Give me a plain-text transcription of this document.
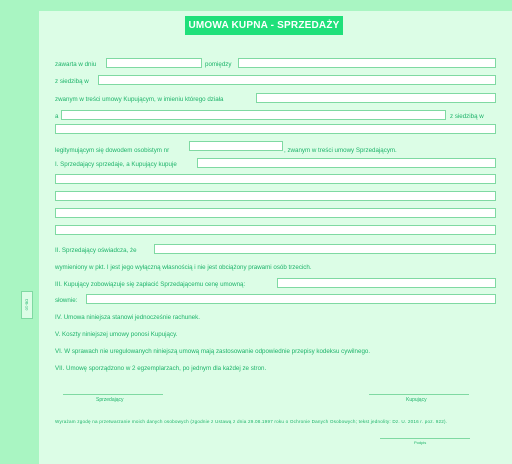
DB-10
UMOWA KUPNA - SPRZEDAŻY
zawarta w dniu	pomiędzy
z siedzibą w
zwanym w treści umowy Kupującym, w imieniu którego działa
a	z siedzibą w
legitymującym się dowodem osobistym nr	, zwanym w treści umowy Sprzedającym.
I. Sprzedający sprzedaje, a Kupujący kupuje
II. Sprzedający oświadcza, że
wymieniony w pkt. I jest jego wyłączną własnością i nie jest obciążony prawami osób trzecich.
III. Kupujący zobowiązuje się zapłacić Sprzedającemu cenę umowną:
słownie:
IV. Umowa niniejsza stanowi jednocześnie rachunek.
V. Koszty niniejszej umowy ponosi Kupujący.
VI. W sprawach nie uregulowanych niniejszą umową mają zastosowanie odpowiednie przepisy kodeksu cywilnego.
VII. Umowę sporządzono w 2 egzemplarzach, po jednym dla każdej ze stron.
Sprzedający	Kupujący
Wyrażam zgodę na przetwarzanie moich danych osobowych (zgodnie z Ustawą z dnia 29.08.1997 roku o Ochronie Danych Osobowych; tekst jednolity: Dz. U. 2016 r. poz. 922).
Podpis
